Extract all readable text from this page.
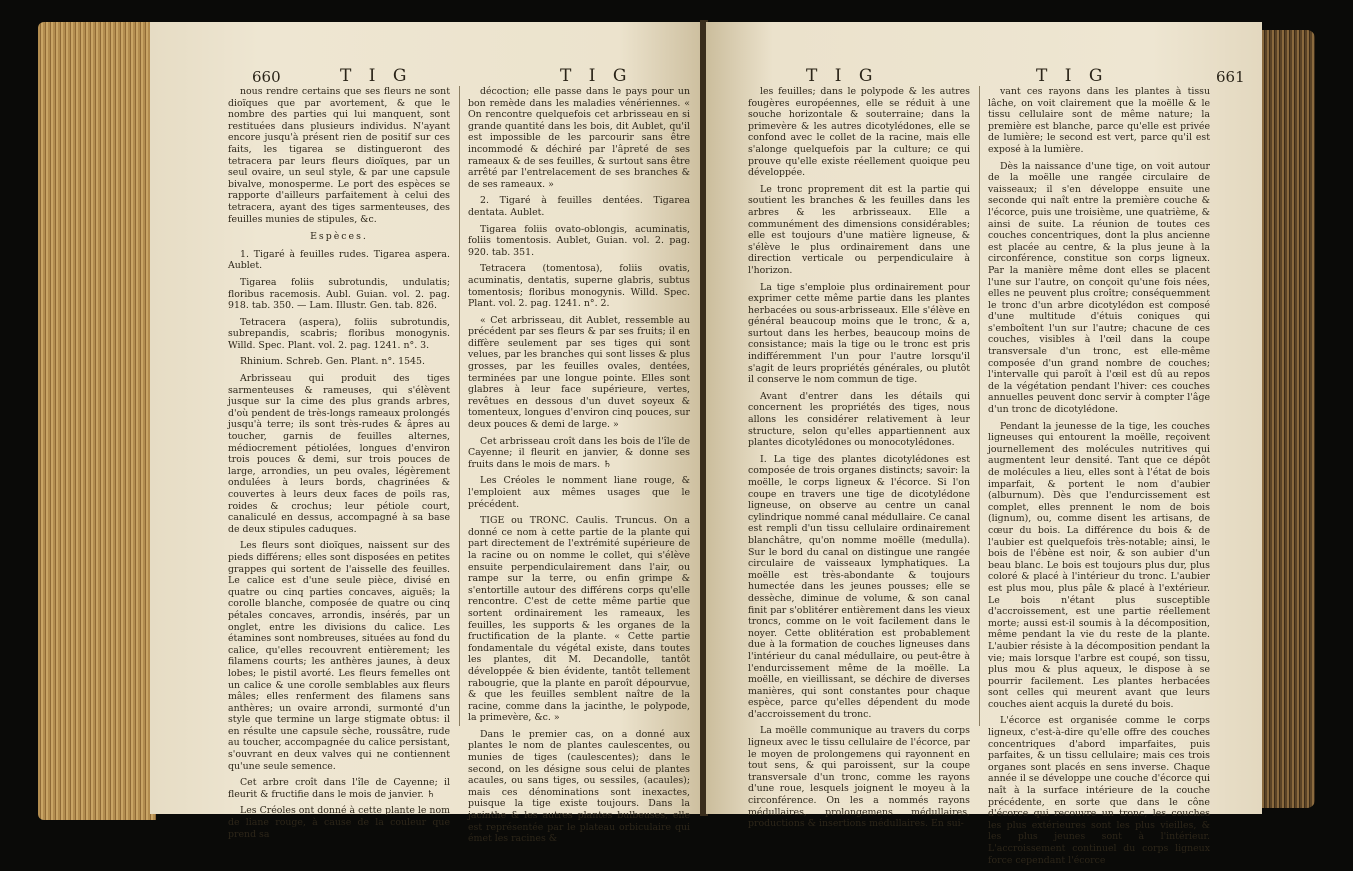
660	T I G	T I G

nous rendre certains que ses fleurs ne sont dioïques que par avortement, & que le nombre des parties qui lui manquent, sont restituées dans plusieurs individus. N'ayant encore jusqu'à présent rien de positif sur ces faits, les tigarea se distingueront des tetracera par leurs fleurs dioïques, par un seul ovaire, un seul style, & par une capsule bivalve, monosperme. Le port des espèces se rapporte d'ailleurs parfaitement à celui des tetracera, ayant des tiges sarmenteuses, des feuilles munies de stipules, &c.

Espèces.

1. Tigaré à feuilles rudes. Tigarea aspera. Aublet.

Tigarea foliis subrotundis, undulatis; floribus racemosis. Aubl. Guian. vol. 2. pag. 918. tab. 350. — Lam. Illustr. Gen. tab. 826.

Tetracera (aspera), foliis subrotundis, subrepandis, scabris; floribus monogynis. Willd. Spec. Plant. vol. 2. pag. 1241. n°. 3.

Rhinium. Schreb. Gen. Plant. n°. 1545.

Arbrisseau qui produit des tiges sarmenteuses & rameuses, qui s'élèvent jusque sur la cime des plus grands arbres, d'où pendent de très-longs rameaux prolongés jusqu'à terre; ils sont très-rudes & âpres au toucher, garnis de feuilles alternes, médiocrement pétiolées, longues d'environ trois pouces & demi, sur trois pouces de large, arrondies, un peu ovales, légèrement ondulées à leurs bords, chagrinées & couvertes à leurs deux faces de poils ras, roides & crochus; leur pétiole court, canaliculé en dessus, accompagné à sa base de deux stipules caduques.

Les fleurs sont dioïques, naissent sur des pieds différens; elles sont disposées en petites grappes qui sortent de l'aisselle des feuilles. Le calice est d'une seule pièce, divisé en quatre ou cinq parties concaves, aiguës; la corolle blanche, composée de quatre ou cinq pétales concaves, arrondis, insérés, par un onglet, entre les divisions du calice. Les étamines sont nombreuses, situées au fond du calice, qu'elles recouvrent entièrement; les filamens courts; les anthères jaunes, à deux lobes; le pistil avorté. Les fleurs femelles ont un calice & une corolle semblables aux fleurs mâles; elles renferment des filamens sans anthères; un ovaire arrondi, surmonté d'un style que termine un large stigmate obtus: il en résulte une capsule sèche, roussâtre, rude au toucher, accompagnée du calice persistant, s'ouvrant en deux valves qui ne contiennent qu'une seule semence.

Cet arbre croît dans l'île de Cayenne; il fleurit & fructifie dans le mois de janvier. ♄

Les Créoles ont donné à cette plante le nom de liane rouge, à cause de la couleur que prend sa

décoction; elle passe dans le pays pour un bon remède dans les maladies vénériennes. « On rencontre quelquefois cet arbrisseau en si grande quantité dans les bois, dit Aublet, qu'il est impossible de les parcourir sans être incommodé & déchiré par l'âpreté de ses rameaux & de ses feuilles, & surtout sans être arrêté par l'entrelacement de ses branches & de ses rameaux. »

2. Tigaré à feuilles dentées. Tigarea dentata. Aublet.

Tigarea foliis ovato-oblongis, acuminatis, foliis tomentosis. Aublet, Guian. vol. 2. pag. 920. tab. 351.

Tetracera (tomentosa), foliis ovatis, acuminatis, dentatis, superne glabris, subtus tomentosis; floribus monogynis. Willd. Spec. Plant. vol. 2. pag. 1241. n°. 2.

« Cet arbrisseau, dit Aublet, ressemble au précédent par ses fleurs & par ses fruits; il en diffère seulement par ses tiges qui sont velues, par les branches qui sont lisses & plus grosses, par les feuilles ovales, dentées, terminées par une longue pointe. Elles sont glabres à leur face supérieure, vertes, revêtues en dessous d'un duvet soyeux & tomenteux, longues d'environ cinq pouces, sur deux pouces & demi de large. »

Cet arbrisseau croît dans les bois de l'île de Cayenne; il fleurit en janvier, & donne ses fruits dans le mois de mars. ♄

Les Créoles le nomment liane rouge, & l'emploient aux mêmes usages que le précédent.

TIGE ou TRONC. Caulis. Truncus. On a donné ce nom à cette partie de la plante qui part directement de l'extrémité supérieure de la racine ou on nomme le collet, qui s'élève ensuite perpendiculairement dans l'air, ou rampe sur la terre, ou enfin grimpe & s'entortille autour des différens corps qu'elle rencontre. C'est de cette même partie que sortent ordinairement les rameaux, les feuilles, les supports & les organes de la fructification de la plante. « Cette partie fondamentale du végétal existe, dans toutes les plantes, dit M. Decandolle, tantôt développée & bien évidente, tantôt tellement rabougrie, que la plante en paroît dépourvue, & que les feuilles semblent naître de la racine, comme dans la jacinthe, le polypode, la primevère, &c. »

Dans le premier cas, on a donné aux plantes le nom de plantes caulescentes, ou munies de tiges (caulescentes); dans le second, on les désigne sous celui de plantes acaules, ou sans tiges, ou sessiles, (acaules); mais ces dénominations sont inexactes, puisque la tige existe toujours. Dans la jacinthe & les autres plantes bulbeuses, elle est représentée par le plateau orbiculaire qui émet les racines &

T I G	T I G	661

les feuilles; dans le polypode & les autres fougères européennes, elle se réduit à une souche horizontale & souterraine; dans la primevère & les autres dicotylédones, elle se confond avec le collet de la racine, mais elle s'alonge quelquefois par la culture; ce qui prouve qu'elle existe réellement quoique peu développée.

Le tronc proprement dit est la partie qui soutient les branches & les feuilles dans les arbres & les arbrisseaux. Elle a communément des dimensions considérables; elle est toujours d'une matière ligneuse, & s'élève le plus ordinairement dans une direction verticale ou perpendiculaire à l'horizon.

La tige s'emploie plus ordinairement pour exprimer cette même partie dans les plantes herbacées ou sous-arbrisseaux. Elle s'élève en général beaucoup moins que le tronc, & a, surtout dans les herbes, beaucoup moins de consistance; mais la tige ou le tronc est pris indifféremment l'un pour l'autre lorsqu'il s'agit de leurs propriétés générales, ou plutôt il conserve le nom commun de tige.

Avant d'entrer dans les détails qui concernent les propriétés des tiges, nous allons les considérer relativement à leur structure, selon qu'elles appartiennent aux plantes dicotylédones ou monocotylédones.

I. La tige des plantes dicotylédones est composée de trois organes distincts; savoir: la moëlle, le corps ligneux & l'écorce. Si l'on coupe en travers une tige de dicotylédone ligneuse, on observe au centre un canal cylindrique nommé canal médullaire. Ce canal est rempli d'un tissu cellulaire ordinairement blanchâtre, qu'on nomme moëlle (medulla). Sur le bord du canal on distingue une rangée circulaire de vaisseaux lymphatiques. La moëlle est très-abondante & toujours humectée dans les jeunes pousses; elle se dessèche, diminue de volume, & son canal finit par s'oblitérer entièrement dans les vieux troncs, comme on le voit facilement dans le noyer. Cette oblitération est probablement due à la formation de couches ligneuses dans l'intérieur du canal médullaire, ou peut-être à l'endurcissement même de la moëlle. La moëlle, en vieillissant, se déchire de diverses manières, qui sont constantes pour chaque espèce, parce qu'elles dépendent du mode d'accroissement du tronc.

La moëlle communique au travers du corps ligneux avec le tissu cellulaire de l'écorce, par le moyen de prolongemens qui rayonnent en tout sens, & qui paroissent, sur la coupe transversale d'un tronc, comme les rayons d'une roue, lesquels joignent le moyeu à la circonférence. On les a nommés rayons médullaires, prolongemens médullaires, productions & insertions médullaires. En sui-

vant ces rayons dans les plantes à tissu lâche, on voit clairement que la moëlle & le tissu cellulaire sont de même nature; la première est blanche, parce qu'elle est privée de lumière; le second est vert, parce qu'il est exposé à la lumière.

Dès la naissance d'une tige, on voit autour de la moëlle une rangée circulaire de vaisseaux; il s'en développe ensuite une seconde qui naît entre la première couche & l'écorce, puis une troisième, une quatrième, & ainsi de suite. La réunion de toutes ces couches concentriques, dont la plus ancienne est placée au centre, & la plus jeune à la circonférence, constitue son corps ligneux. Par la manière même dont elles se placent l'une sur l'autre, on conçoit qu'une fois nées, elles ne peuvent plus croître; conséquemment le tronc d'un arbre dicotylédon est composé d'une multitude d'étuis coniques qui s'emboîtent l'un sur l'autre; chacune de ces couches, visibles à l'œil dans la coupe transversale d'un tronc, est elle-même composée d'un grand nombre de couches; l'intervalle qui paroît à l'œil est dû au repos de la végétation pendant l'hiver: ces couches annuelles peuvent donc servir à compter l'âge d'un tronc de dicotylédone.

Pendant la jeunesse de la tige, les couches ligneuses qui entourent la moëlle, reçoivent journellement des molécules nutritives qui augmentent leur densité. Tant que ce dépôt de molécules a lieu, elles sont à l'état de bois imparfait, & portent le nom d'aubier (alburnum). Dès que l'endurcissement est complet, elles prennent le nom de bois (lignum), ou, comme disent les artisans, de cœur du bois. La différence du bois & de l'aubier est quelquefois très-notable; ainsi, le bois de l'ébène est noir, & son aubier d'un beau blanc. Le bois est toujours plus dur, plus coloré & placé à l'intérieur du tronc. L'aubier est plus mou, plus pâle & placé à l'extérieur. Le bois n'étant plus susceptible d'accroissement, est une partie réellement morte; aussi est-il soumis à la décomposition, même pendant la vie du reste de la plante. L'aubier résiste à la décomposition pendant la vie; mais lorsque l'arbre est coupé, son tissu, plus mou & plus aqueux, le dispose à se pourrir facilement. Les plantes herbacées sont celles qui meurent avant que leurs couches aient acquis la dureté du bois.

L'écorce est organisée comme le corps ligneux, c'est-à-dire qu'elle offre des couches concentriques d'abord imparfaites, puis parfaites, & un tissu cellulaire; mais ces trois organes sont placés en sens inverse. Chaque année il se développe une couche d'écorce qui naît à la surface intérieure de la couche précédente, en sorte que dans le cône d'écorce qui recouvre un tronc, les couches les plus extérieures sont les plus vieilles, & les plus jeunes sont à l'intérieur. L'accroissement continuel du corps ligneux force cependant l'écorce
